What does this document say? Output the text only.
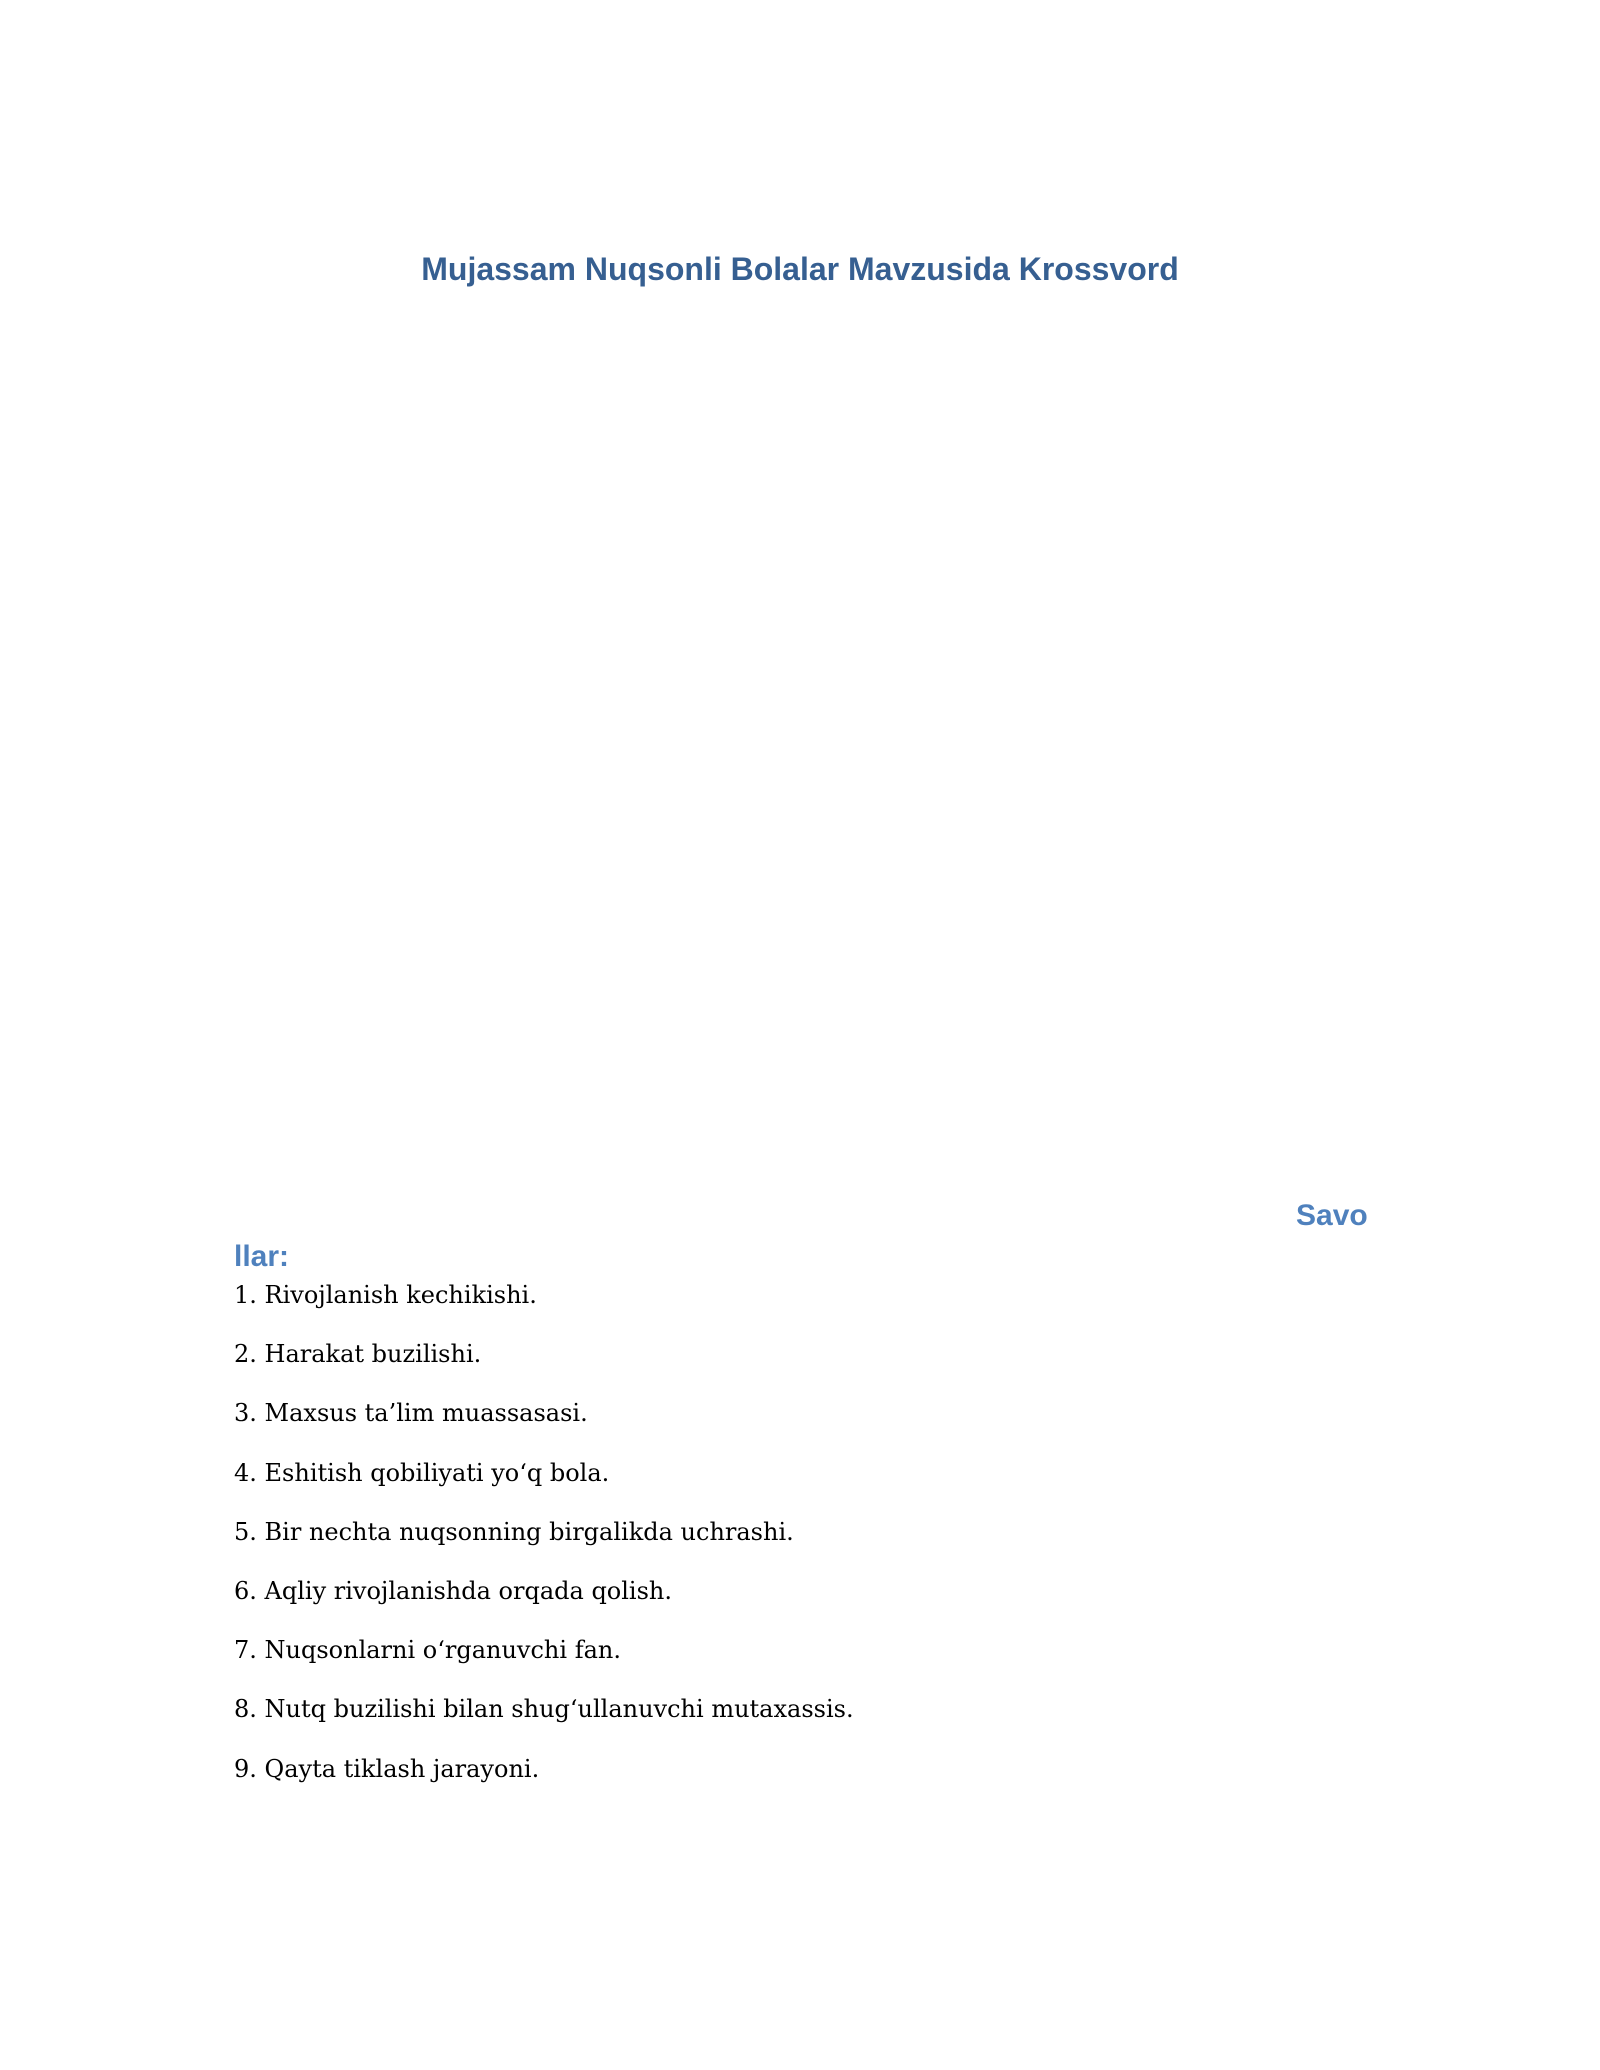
Mujassam Nuqsonli Bolalar Mavzusida Krossvord
Savo
llar:
1. Rivojlanish kechikishi.
2. Harakat buzilishi.
3. Maxsus ta’lim muassasasi.
4. Eshitish qobiliyati yo‘q bola.
5. Bir nechta nuqsonning birgalikda uchrashi.
6. Aqliy rivojlanishda orqada qolish.
7. Nuqsonlarni o‘rganuvchi fan.
8. Nutq buzilishi bilan shug‘ullanuvchi mutaxassis.
9. Qayta tiklash jarayoni.
